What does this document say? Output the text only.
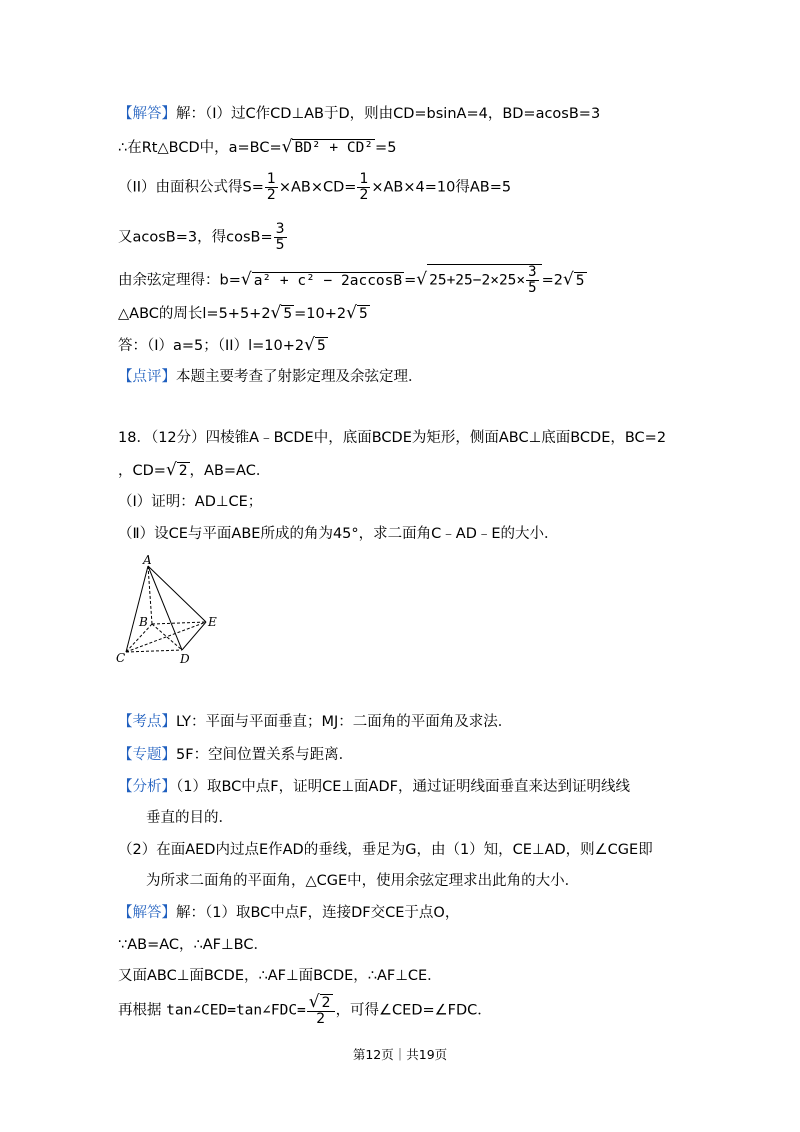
【解答】解：（I）过C作CD⊥AB于D，则由CD=bsinA=4，BD=acosB=3
∴在Rt△BCD中，a=BC=√ BD² + CD² =5
（II）由面积公式得$S= \frac{1}{2} \times AB\times CD= \frac{1}{2} \times AB\times 4=10$得AB=5
又acosB=3，得$\cos B= \frac{3}{5}$
由余弦定理得：b=√ a² + c² − 2accosB =√ $25+25-2\times 25\times \frac{3}{5} =2√$ 5
△ABC的周长l=5+5+2√ 5 =10+2√ 5
答：（I）a=5；（II）l=10+2√ 5
【点评】本题主要考查了射影定理及余弦定理．
18．（12分）四棱锥A﹣BCDE中，底面BCDE为矩形，侧面ABC⊥底面BCDE，BC=2
，CD=√ 2 ，AB=AC．
（Ⅰ）证明：AD⊥CE；
（Ⅱ）设CE与平面ABE所成的角为45°，求二面角C﹣AD﹣E的大小．
A
B
C	D
E
【考点】LY：平面与平面垂直；MJ：二面角的平面角及求法．
【专题】5F：空间位置关系与距离．
【分析】（1）取BC中点F，证明CE⊥面ADF，通过证明线面垂直来达到证明线线
垂直的目的．
（2）在面AED内过点E作AD的垂线，垂足为G，由（1）知，CE⊥AD，则∠CGE即
为所求二面角的平面角，△CGE中，使用余弦定理求出此角的大小．
【解答】解：（1）取BC中点F，连接DF交CE于点O，
∵AB=AC，∴AF⊥BC．
又面ABC⊥面BCDE，∴AF⊥面BCDE，∴AF⊥CE．
再根据 tan∠CED=tan∠FDC= $\frac{√ 2}{2}$ ，可得∠CED=∠FDC．
第12页｜共19页
